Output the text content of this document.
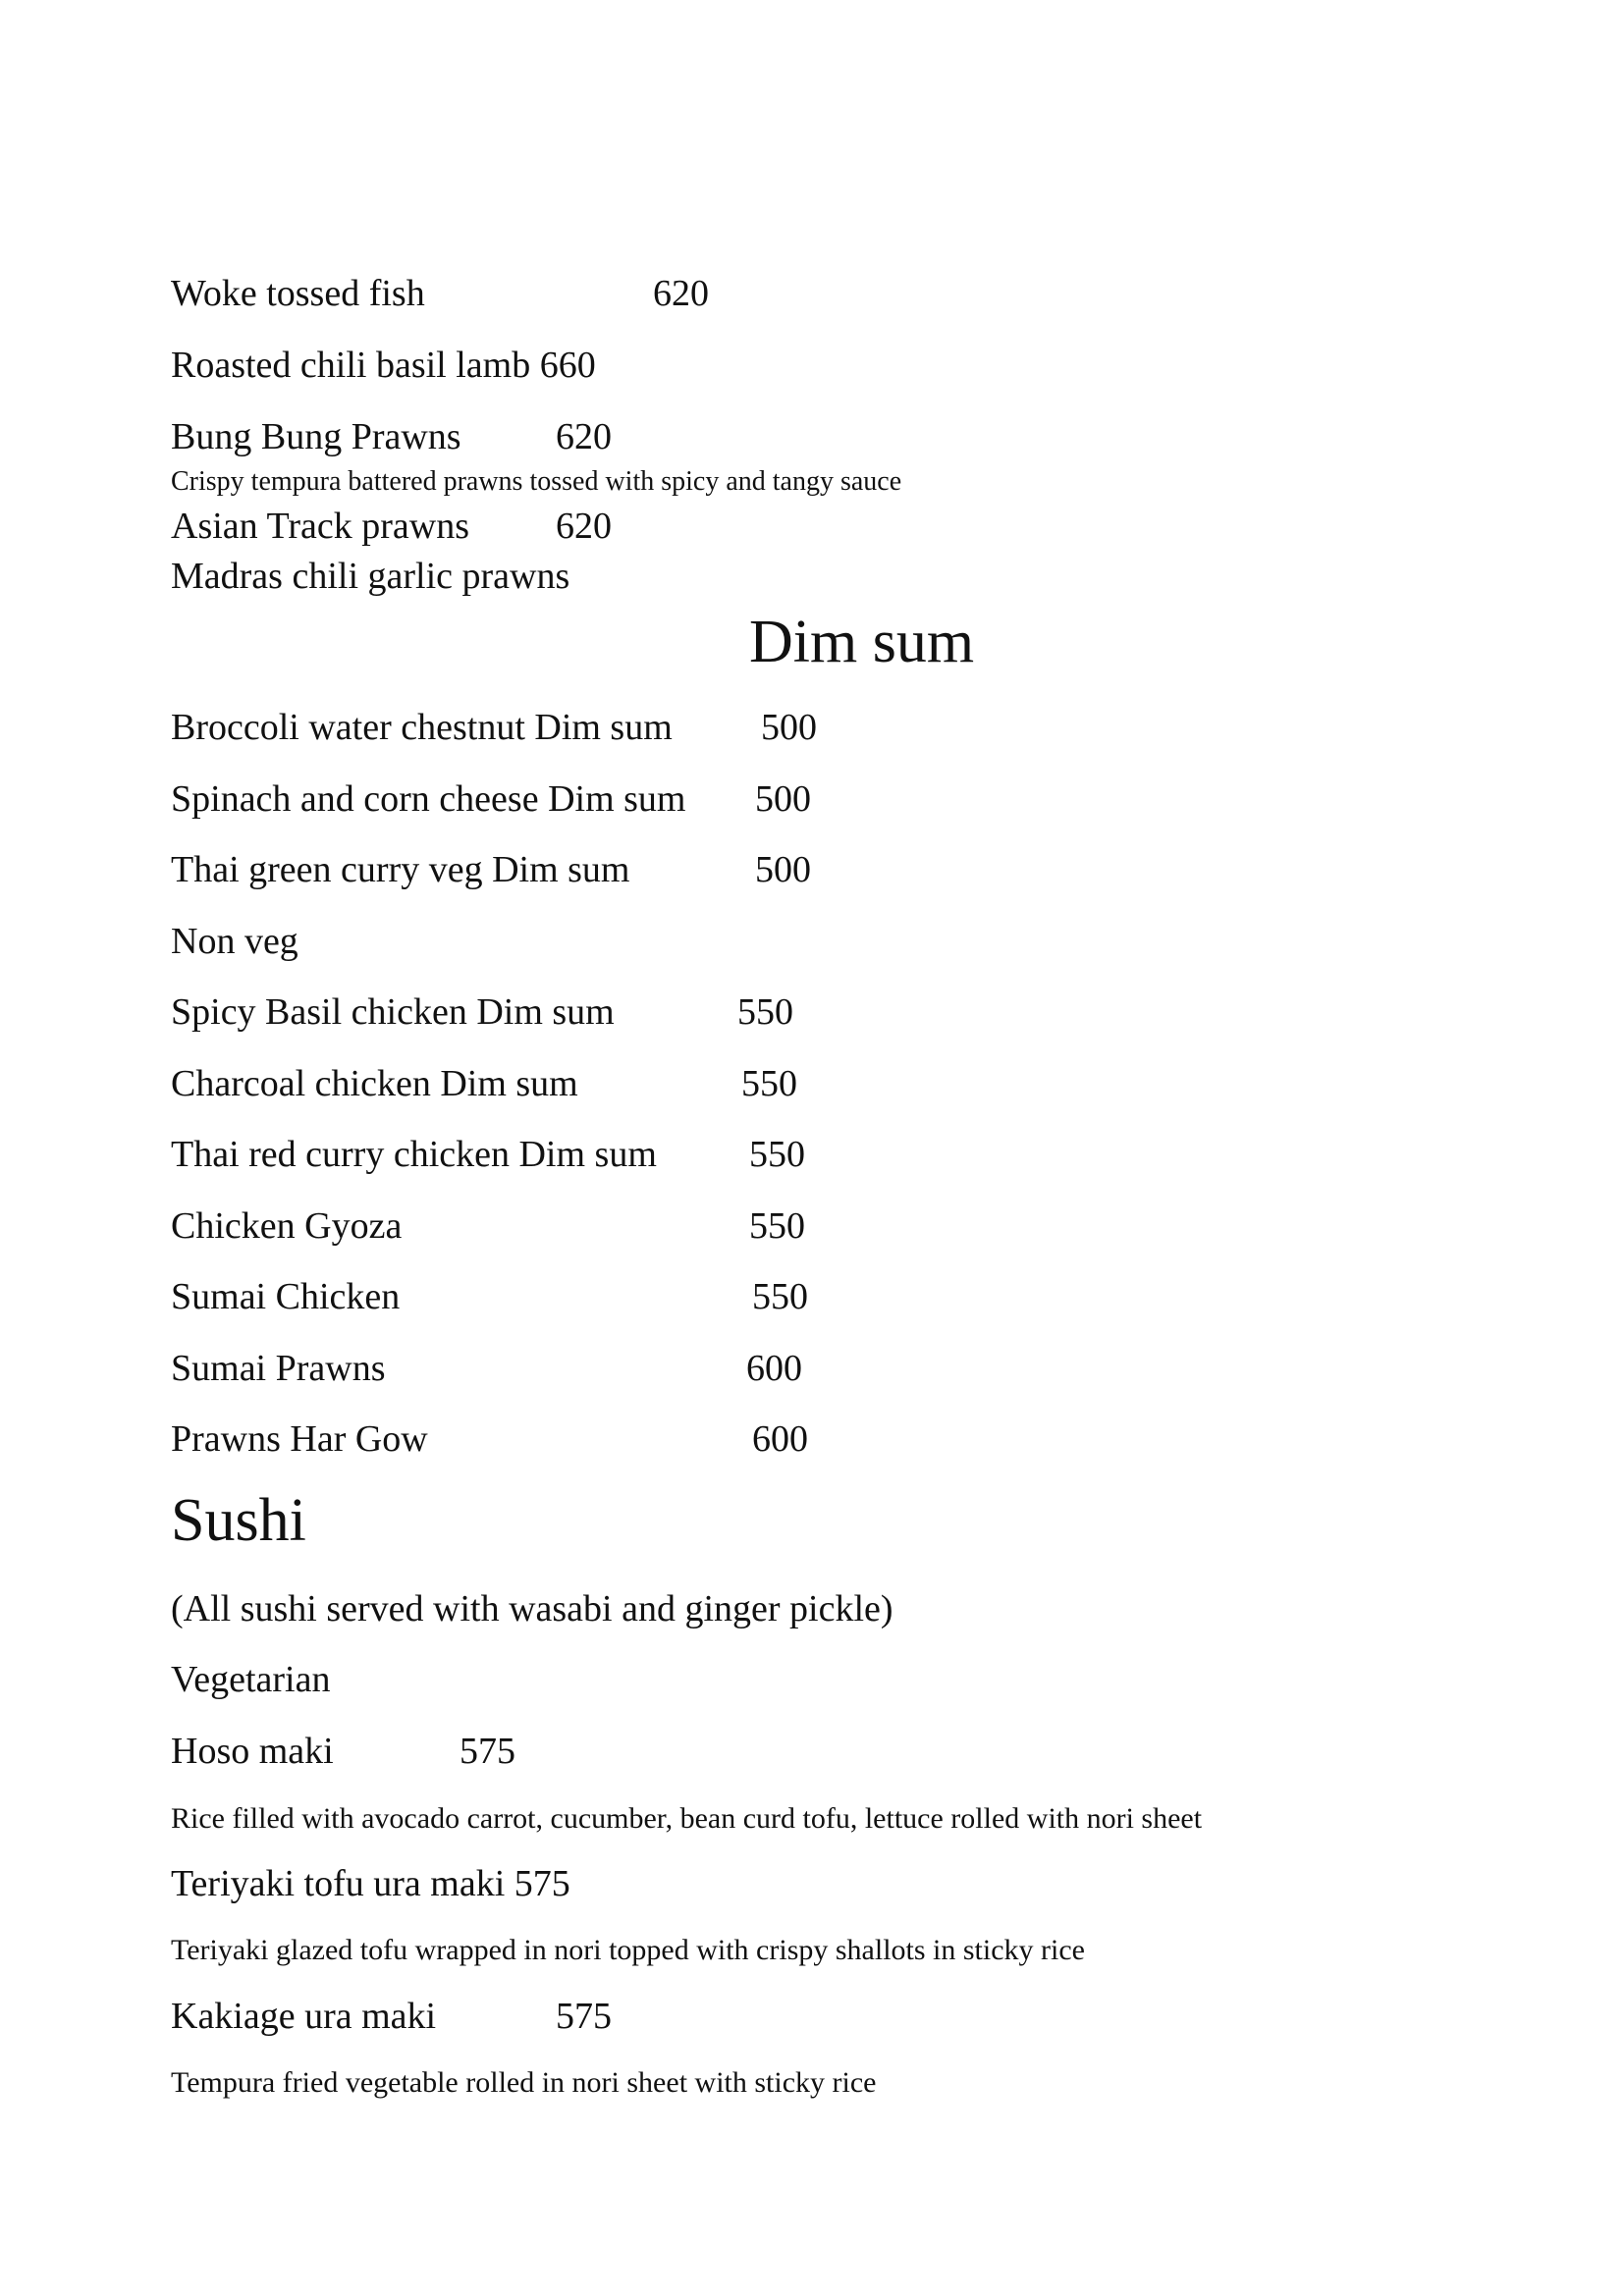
Woke tossed fish	620
Roasted chili basil lamb 660
Bung Bung Prawns	620
Crispy tempura battered prawns tossed with spicy and tangy sauce
Asian Track prawns 620
Madras chili garlic prawns
Dim sum
Broccoli water chestnut Dim sum 500
Spinach and corn cheese Dim sum 500
Thai green curry veg Dim sum	500
Non veg
Spicy Basil chicken Dim sum	550
Charcoal chicken Dim sum	550
Thai red curry chicken Dim sum 550
Chicken Gyoza	550
Sumai Chicken	550
Sumai Prawns	600
Prawns Har Gow	600
Sushi
(All sushi served with wasabi and ginger pickle)
Vegetarian
Hoso maki	575
Rice filled with avocado carrot, cucumber, bean curd tofu, lettuce rolled with nori sheet
Teriyaki tofu ura maki 575
Teriyaki glazed tofu wrapped in nori topped with crispy shallots in sticky rice
Kakiage ura maki	575
Tempura fried vegetable rolled in nori sheet with sticky rice
